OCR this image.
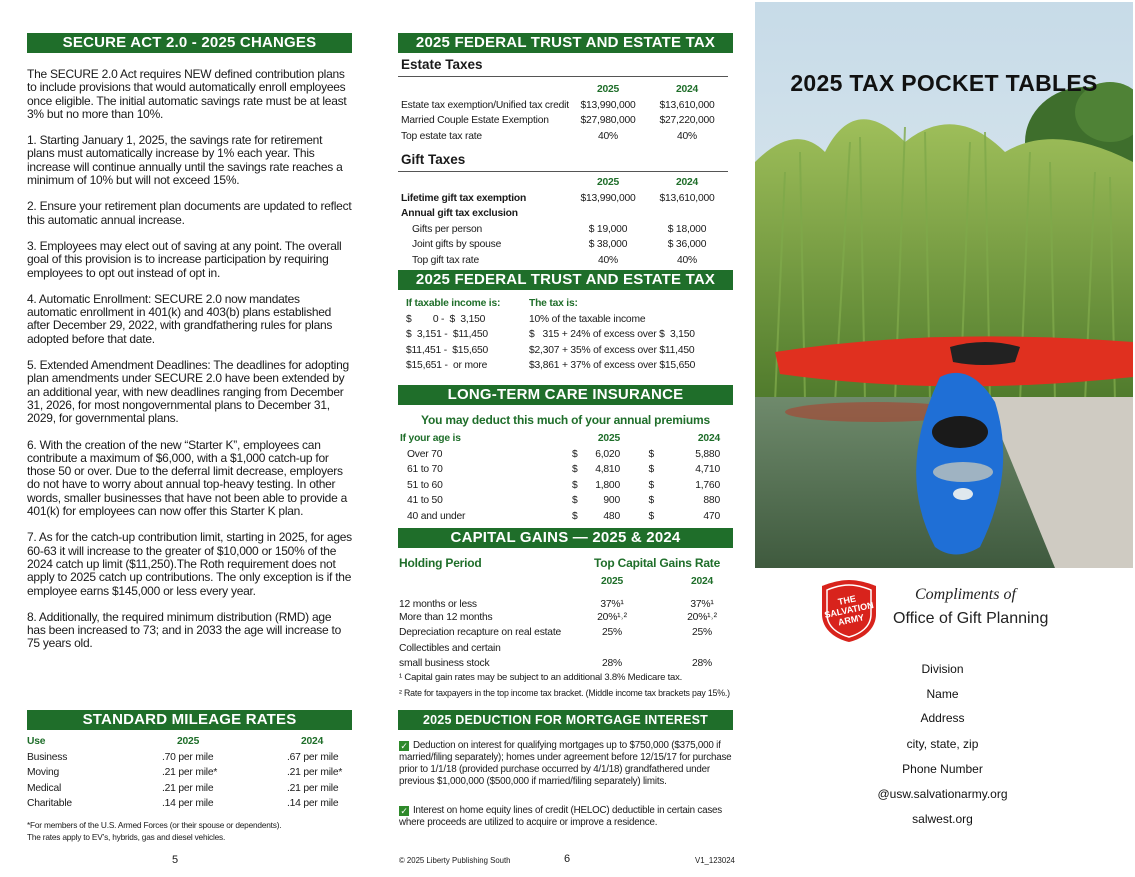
SECURE ACT 2.0 - 2025 CHANGES

The SECURE 2.0 Act requires NEW defined contribution plans to include provisions that would automatically enroll employees once eligible. The initial automatic savings rate must be at least 3% but no more than 10%.

1. Starting January 1, 2025, the savings rate for retirement plans must automatically increase by 1% each year. This increase will continue annually until the savings rate reaches a minimum of 10% but will not exceed 15%.

2. Ensure your retirement plan documents are updated to reflect this automatic annual increase.

3. Employees may elect out of saving at any point. The overall goal of this provision is to increase participation by requiring employees to opt out instead of opt in.

4. Automatic Enrollment: SECURE 2.0 now mandates automatic enrollment in 401(k) and 403(b) plans established after December 29, 2022, with grandfathering rules for plans adopted before that date.

5. Extended Amendment Deadlines: The deadlines for adopting plan amendments under SECURE 2.0 have been extended by an additional year, with new deadlines ranging from December 31, 2026, for most nongovernmental plans to December 31, 2029, for governmental plans.

6. With the creation of the new “Starter K”, employees can contribute a maximum of $6,000, with a $1,000 catch-up for those 50 or over. Due to the deferral limit decrease, employers do not have to worry about annual top-heavy testing. In other words, smaller businesses that have not been able to provide a 401(k) for employees can now offer this Starter K plan.

7. As for the catch-up contribution limit, starting in 2025, for ages 60-63 it will increase to the greater of $10,000 or 150% of the 2024 catch up limit ($11,250).The Roth requirement does not apply to 2025 catch up contributions. The only exception is if the employee earns $145,000 or less every year.

8. Additionally, the required minimum distribution (RMD) age has been increased to 73; and in 2033 the age will increase to 75 years old.

STANDARD MILEAGE RATES
Use	2025	2024
Business	.70 per mile	.67 per mile
Moving	.21 per mile*	.21 per mile*
Medical	.21 per mile	.21 per mile
Charitable	.14 per mile	.14 per mile
*For members of the U.S. Armed Forces (or their spouse or dependents).
The rates apply to EV’s, hybrids, gas and diesel vehicles.
5
2025 FEDERAL TRUST AND ESTATE TAX
Estate Taxes
	2025	2024
Estate tax exemption/Unified tax credit	$13,990,000	$13,610,000
Married Couple Estate Exemption	$27,980,000	$27,220,000
Top estate tax rate	40%	40%
Gift Taxes
	2025	2024
Lifetime gift tax exemption	$13,990,000	$13,610,000
Annual gift tax exclusion		
Gifts per person	$ 19,000	$ 18,000
Joint gifts by spouse	$ 38,000	$ 36,000
Top gift tax rate	40%	40%
2025 FEDERAL TRUST AND ESTATE TAX
If taxable income is:	The tax is:
$        0 -  $  3,150	10% of the taxable income
$  3,151 -  $11,450	$   315 + 24% of excess over $  3,150
$11,451 -  $15,650	$2,307 + 35% of excess over $11,450
$15,651 -  or more	$3,861 + 37% of excess over $15,650
LONG-TERM CARE INSURANCE
You may deduct this much of your annual premiums
If your age is		2025		2024
Over 70	$	6,020	$	5,880
61 to 70	$	4,810	$	4,710
51 to 60	$	1,800	$	1,760
41 to 50	$	900	$	880
40 and under	$	480	$	470
CAPITAL GAINS — 2025 & 2024
Holding Period	Top Capital Gains Rate
	2025		2024	
12 months or less	37%¹		37%¹	
More than 12 months	20%¹˒²		20%¹˒²	
Depreciation recapture on real estate	25%		25%	
Collectibles and certain				
small business stock	28%		28%	
¹ Capital gain rates may be subject to an additional 3.8% Medicare tax.
² Rate for taxpayers in the top income tax bracket. (Middle income tax brackets pay 15%.)
2025 DEDUCTION FOR MORTGAGE INTEREST
✓ Deduction on interest for qualifying mortgages up to $750,000 ($375,000 if married/filing separately); homes under agreement before 12/15/17 for purchase prior to 1/1/18 (provided purchase occurred by 4/1/18) grandfathered under previous $1,000,000 ($500,000 if married/filing separately) limits.
✓ Interest on home equity lines of credit (HELOC) deductible in certain cases where proceeds are utilized to acquire or improve a residence.
© 2025 Liberty Publishing South	6	V1_123024
2025 TAX POCKET TABLES
THE SALVATION ARMY
Compliments of
Office of Gift Planning
Division
Name
Address
city, state, zip
Phone Number
@usw.salvationarmy.org
salwest.org
